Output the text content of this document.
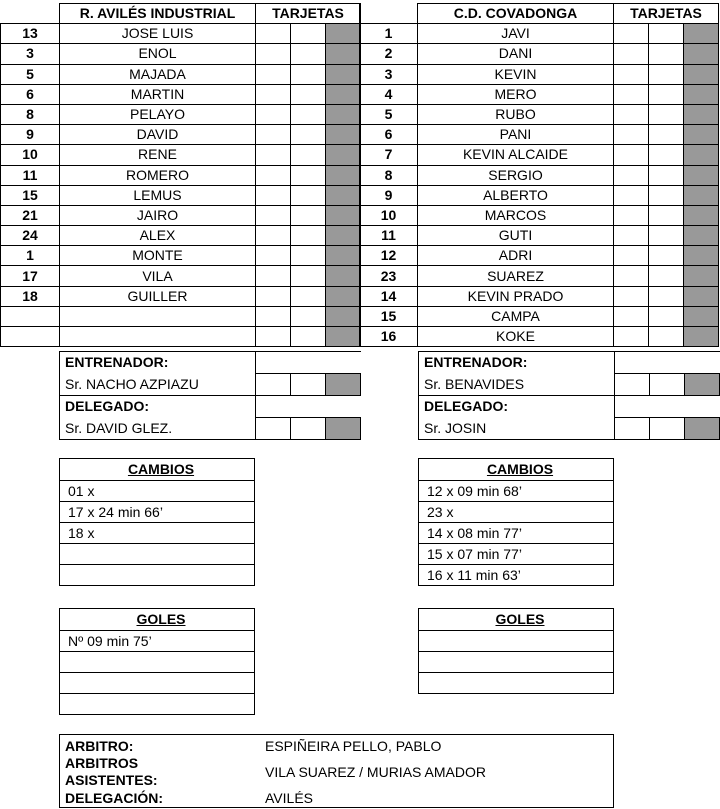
	R. AVILÉS INDUSTRIAL	TARJETAS		
13	JOSE LUIS			
3	ENOL			
5	MAJADA			
6	MARTIN			
8	PELAYO			
9	DAVID			
10	RENE			
11	ROMERO			
15	LEMUS			
21	JAIRO			
24	ALEX			
1	MONTE			
17	VILA			
18	GUILLER			

	C.D. COVADONGA	TARJETAS		
1	JAVI			
2	DANI			
3	KEVIN			
4	MERO			
5	RUBO			
6	PANI			
7	KEVIN ALCAIDE			
8	SERGIO			
9	ALBERTO			
10	MARCOS			
11	GUTI			
12	ADRI			
23	SUAREZ			
14	KEVIN PRADO			
15	CAMPA			
16	KOKE			
ENTRENADOR:			
Sr. NACHO AZPIAZU			
DELEGADO:			
Sr. DAVID GLEZ.			
ENTRENADOR:			
Sr. BENAVIDES			
DELEGADO:			
Sr. JOSIN			
CAMBIOS
01 x
17 x 24 min 66’
18 x
CAMBIOS
12 x 09 min 68’
23 x
14 x 08 min 77’
15 x 07 min 77’
16 x 11 min 63’
GOLES
Nº 09 min 75’
GOLES
ARBITRO:	ESPIÑEIRA PELLO, PABLO
ARBITROS
ASISTENTES:	VILA SUAREZ / MURIAS AMADOR
DELEGACIÓN:	AVILÉS
